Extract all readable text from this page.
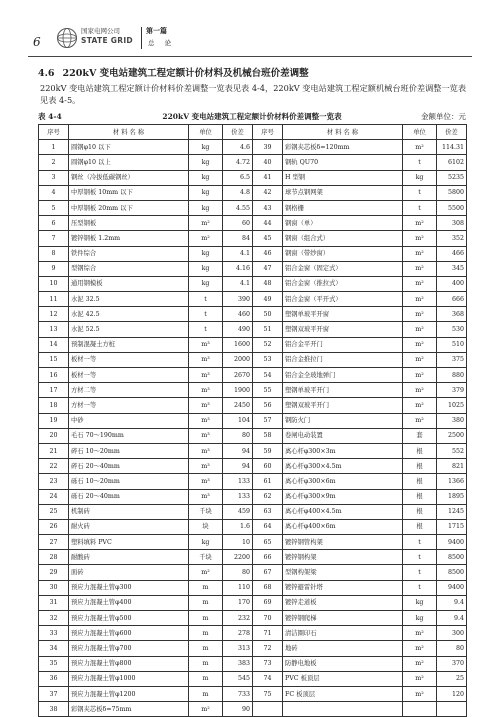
6
国家电网公司
STATE GRID
第一篇
总 论
4.6 220kV 变电站建筑工程定额计价材料及机械台班价差调整
220kV 变电站建筑工程定额计价材料价差调整一览表见表 4-4，220kV 变电站建筑工程定额机械台班价差调整一览表见表 4-5。
表 4-4	220kV 变电站建筑工程定额计价材料价差调整一览表	金额单位：元
序号	材 料 名 称	单位	价差	序号	材 料 名 称	单位	价差
1	圆钢φ10 以下	kg	4.6	39	彩钢夹芯板δ=120mm	m²	114.31
2	圆钢φ10 以上	kg	4.72	40	钢轨 QU70	t	6102
3	钢丝（冷拔低碳钢丝）	kg	6.5	41	H 型钢	kg	5235
4	中厚钢板 10mm 以下	kg	4.8	42	球节点钢网架	t	5800
5	中厚钢板 20mm 以下	kg	4.55	43	钢格栅	t	5500
6	压型钢板	m²	60	44	钢窗（单）	m²	308
7	镀锌钢板 1.2mm	m²	84	45	钢窗（组合式）	m²	352
8	铁件综合	kg	4.1	46	钢窗（带纱窗）	m²	466
9	型钢综合	kg	4.16	47	铝合金窗（固定式）	m²	345
10	通用钢模板	kg	4.1	48	铝合金窗（推拉式）	m²	400
11	水泥 32.5	t	390	49	铝合金窗（平开式）	m²	666
12	水泥 42.5	t	460	50	塑钢单玻平开窗	m²	368
13	水泥 52.5	t	490	51	塑钢双玻平开窗	m²	530
14	预制混凝土方桩	m³	1600	52	铝合金平开门	m²	510
15	板材一等	m³	2000	53	铝合金推拉门	m²	375
16	板材一等	m³	2670	54	铝合金全玻地弹门	m²	880
17	方材二等	m³	1900	55	塑钢单玻平开门	m²	379
18	方材一等	m³	2450	56	塑钢双玻平开门	m²	1025
19	中砂	m³	104	57	钢防火门	m²	380
20	毛石 70～190mm	m³	80	58	卷闸电动装置	套	2500
21	碎石 10～20mm	m³	94	59	离心杆φ300×3m	根	552
22	碎石 20～40mm	m³	94	60	离心杆φ300×4.5m	根	821
23	砾石 10～20mm	m³	133	61	离心杆φ300×6m	根	1366
24	砾石 20～40mm	m³	133	62	离心杆φ300×9m	根	1895
25	机制砖	千块	459	63	离心杆φ400×4.5m	根	1245
26	耐火砖	块	1.6	64	离心杆φ400×6m	根	1715
27	塑料填料 PVC	kg	10	65	镀锌钢管构架	t	9400
28	耐酸砖	千块	2200	66	镀锌钢构架	t	8500
29	面砖	m²	80	67	型钢构架梁	t	8500
30	预应力混凝土管φ300	m	110	68	镀锌避雷针塔	t	9400
31	预应力混凝土管φ400	m	170	69	镀锌走道板	kg	9.4
32	预应力混凝土管φ500	m	232	70	镀锌钢爬梯	kg	9.4
33	预应力混凝土管φ600	m	278	71	清洁圈印石	m²	300
34	预应力混凝土管φ700	m	313	72	地砖	m²	80
35	预应力混凝土管φ800	m	383	73	防静电地板	m²	370
36	预应力混凝土管φ1000	m	545	74	PVC 板顶层	m²	25
37	预应力混凝土管φ1200	m	733	75	FC 板顶层	m²	120
38	彩钢夹芯板δ=75mm	m²	90				
